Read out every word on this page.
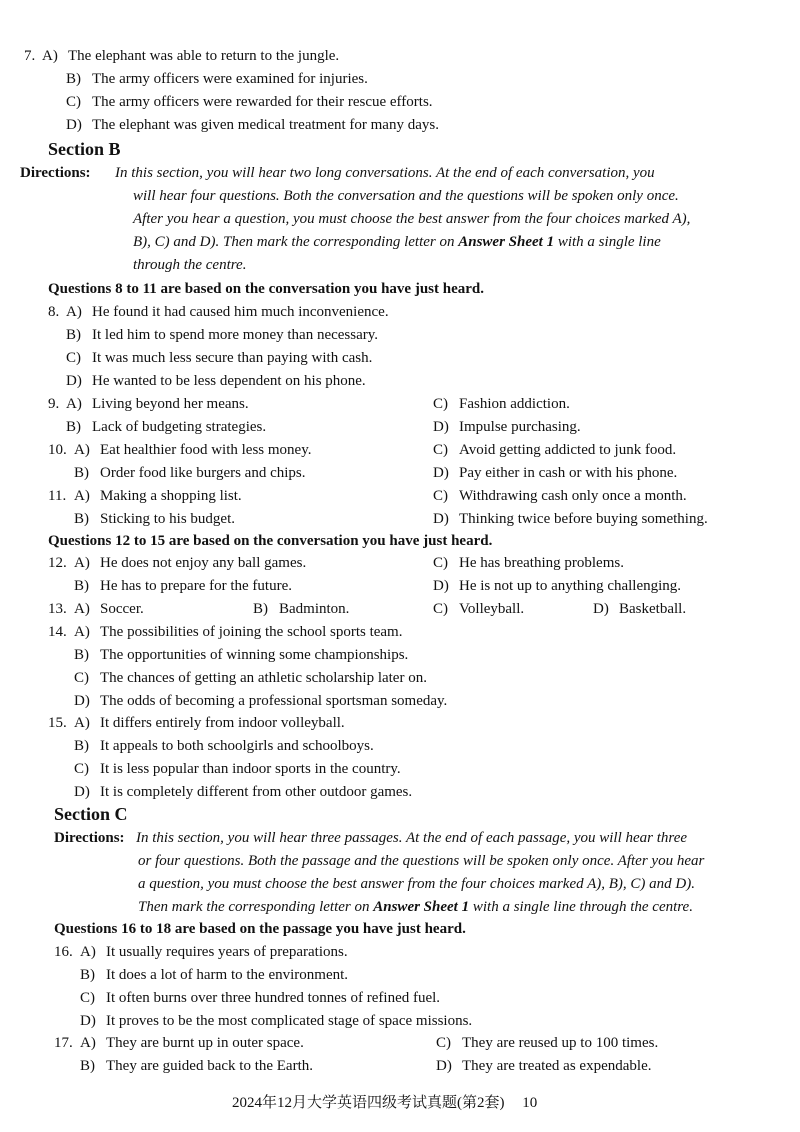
7. A) The elephant was able to return to the jungle.
B) The army officers were examined for injuries.
C) The army officers were rewarded for their rescue efforts.
D) The elephant was given medical treatment for many days.
Section B
Directions: In this section, you will hear two long conversations. At the end of each conversation, you
will hear four questions. Both the conversation and the questions will be spoken only once.
After you hear a question, you must choose the best answer from the four choices marked A),
B), C) and D). Then mark the corresponding letter on Answer Sheet 1 with a single line
through the centre.
Questions 8 to 11 are based on the conversation you have just heard.
8. A) He found it had caused him much inconvenience.
B) It led him to spend more money than necessary.
C) It was much less secure than paying with cash.
D) He wanted to be less dependent on his phone.
9. A) Living beyond her means.	C) Fashion addiction.
B) Lack of budgeting strategies.	D) Impulse purchasing.
10. A) Eat healthier food with less money.	C) Avoid getting addicted to junk food.
B) Order food like burgers and chips.	D) Pay either in cash or with his phone.
11. A) Making a shopping list.	C) Withdrawing cash only once a month.
B) Sticking to his budget.	D) Thinking twice before buying something.
Questions 12 to 15 are based on the conversation you have just heard.
12. A) He does not enjoy any ball games.	C) He has breathing problems.
B) He has to prepare for the future.	D) He is not up to anything challenging.
13. A) Soccer.	B) Badminton.	C) Volleyball.	D) Basketball.
14. A) The possibilities of joining the school sports team.
B) The opportunities of winning some championships.
C) The chances of getting an athletic scholarship later on.
D) The odds of becoming a professional sportsman someday.
15. A) It differs entirely from indoor volleyball.
B) It appeals to both schoolgirls and schoolboys.
C) It is less popular than indoor sports in the country.
D) It is completely different from other outdoor games.
Section C
Directions: In this section, you will hear three passages. At the end of each passage, you will hear three
or four questions. Both the passage and the questions will be spoken only once. After you hear
a question, you must choose the best answer from the four choices marked A), B), C) and D).
Then mark the corresponding letter on Answer Sheet 1 with a single line through the centre.
Questions 16 to 18 are based on the passage you have just heard.
16. A) It usually requires years of preparations.
B) It does a lot of harm to the environment.
C) It often burns over three hundred tonnes of refined fuel.
D) It proves to be the most complicated stage of space missions.
17. A) They are burnt up in outer space.	C) They are reused up to 100 times.
B) They are guided back to the Earth.	D) They are treated as expendable.
2024年12月大学英语四级考试真题(第2套) 10
